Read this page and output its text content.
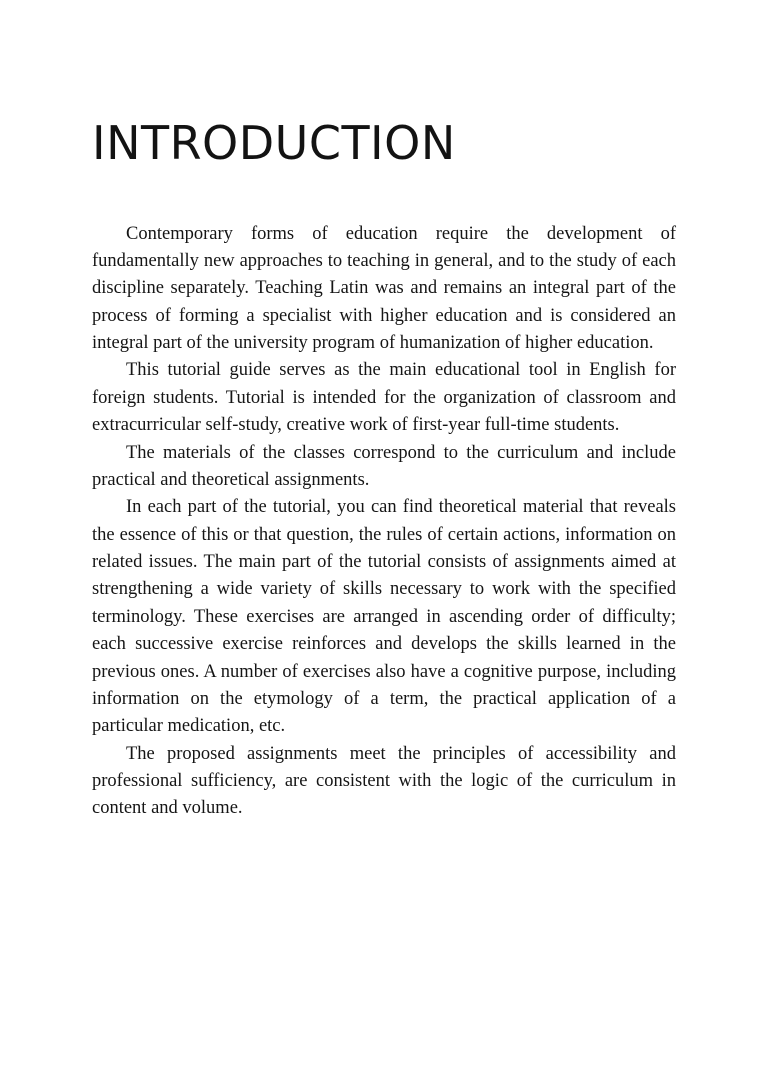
INTRODUCTION

Contemporary forms of education require the development of fundamentally new approaches to teaching in general, and to the study of each discipline separately. Teaching Latin was and remains an integral part of the process of forming a specialist with higher education and is considered an integral part of the university program of humanization of higher education.

This tutorial guide serves as the main educational tool in English for foreign students. Tutorial is intended for the organization of classroom and extracurricular self-study, creative work of first-year full-time students.

The materials of the classes correspond to the curriculum and include practical and theoretical assignments.

In each part of the tutorial, you can find theoretical material that reveals the essence of this or that question, the rules of certain actions, information on related issues. The main part of the tutorial consists of assignments aimed at strengthening a wide variety of skills necessary to work with the specified terminology. These exercises are arranged in ascending order of difficulty; each successive exercise reinforces and develops the skills learned in the previous ones. A number of exercises also have a cognitive purpose, including information on the etymology of a term, the practical application of a particular medication, etc.

The proposed assignments meet the principles of accessibility and professional sufficiency, are consistent with the logic of the curriculum in content and volume.
